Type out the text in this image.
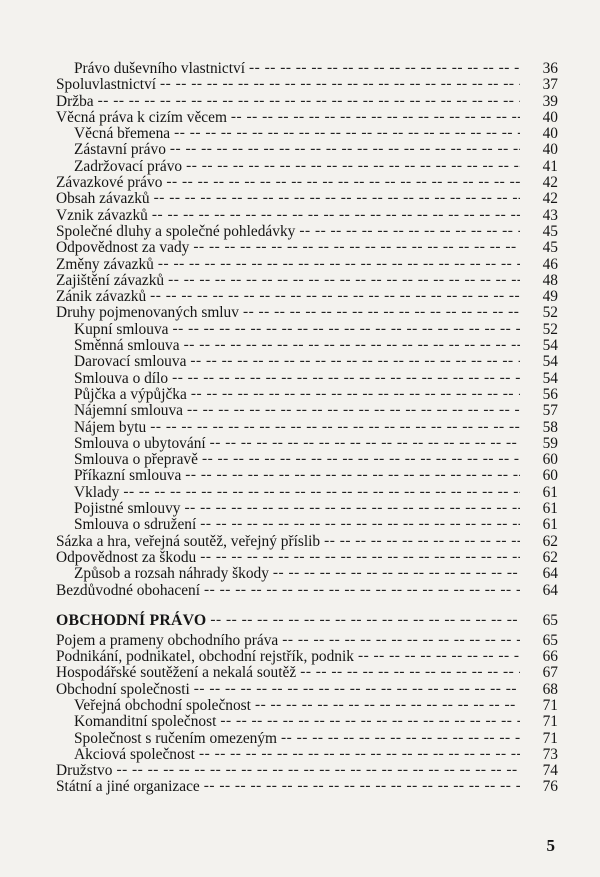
Právo duševního vlastnictví -- --	36
Spoluvlastnictví -- --	37
Držba -- --	39
Věcná práva k cizím věcem -- --	40
Věcná břemena -- --	40
Zástavní právo -- --	40
Zadržovací právo -- --	41
Závazkové právo -- --	42
Obsah závazků -- --	42
Vznik závazků -- --	43
Společné dluhy a společné pohledávky -- --	45
Odpovědnost za vady -- --	45
Změny závazků -- --	46
Zajištění závazků -- --	48
Zánik závazků -- --	49
Druhy pojmenovaných smluv -- --	52
Kupní smlouva -- --	52
Směnná smlouva -- --	54
Darovací smlouva -- --	54
Smlouva o dílo -- --	54
Půjčka a výpůjčka -- --	56
Nájemní smlouva -- --	57
Nájem bytu -- --	58
Smlouva o ubytování -- --	59
Smlouva o přepravě -- --	60
Příkazní smlouva -- --	60
Vklady -- --	61
Pojistné smlouvy -- --	61
Smlouva o sdružení -- --	61
Sázka a hra, veřejná soutěž, veřejný příslib -- --	62
Odpovědnost za škodu -- --	62
Způsob a rozsah náhrady škody -- --	64
Bezdůvodné obohacení -- --	64
OBCHODNÍ PRÁVO -- --	65
Pojem a prameny obchodního práva -- --	65
Podnikání, podnikatel, obchodní rejstřík, podnik -- --	66
Hospodářské soutěžení a nekalá soutěž -- --	67
Obchodní společnosti -- --	68
Veřejná obchodní společnost -- --	71
Komanditní společnost -- --	71
Společnost s ručením omezeným -- --	71
Akciová společnost -- --	73
Družstvo -- --	74
Státní a jiné organizace -- --	76
5
